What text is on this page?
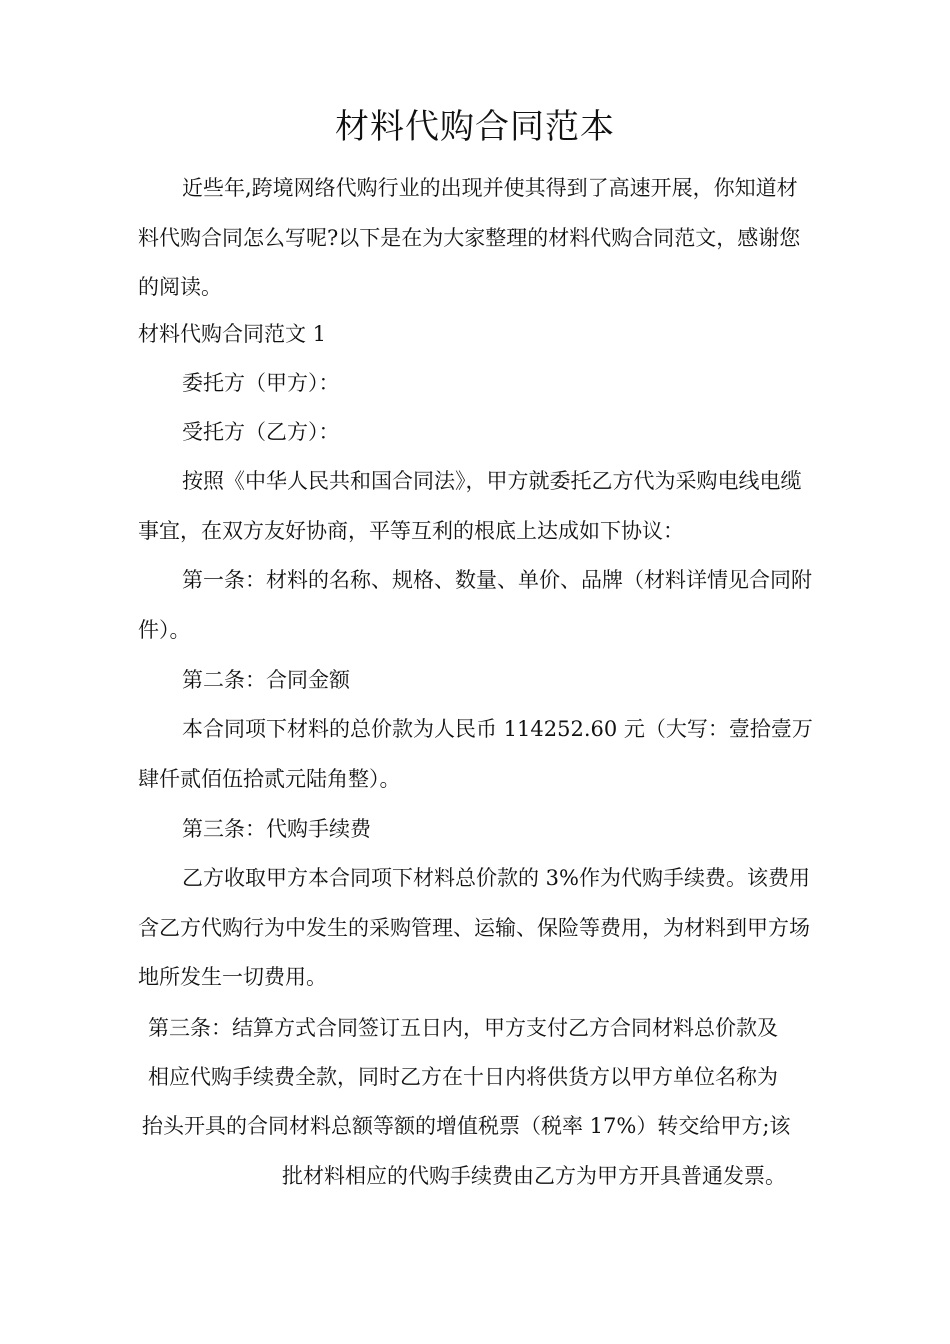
材料代购合同范本

近些年,跨境网络代购行业的出现并使其得到了高速开展，你知道材料代购合同怎么写呢?以下是在为大家整理的材料代购合同范文，感谢您的阅读。

材料代购合同范文 1

委托方（甲方）：

受托方（乙方）：

按照《中华人民共和国合同法》，甲方就委托乙方代为采购电线电缆事宜，在双方友好协商，平等互利的根底上达成如下协议：

第一条：材料的名称、规格、数量、单价、品牌（材料详情见合同附件）。

第二条：合同金额

本合同项下材料的总价款为人民币 114252.60 元（大写：壹拾壹万肆仟贰佰伍拾贰元陆角整）。

第三条：代购手续费

乙方收取甲方本合同项下材料总价款的 3%作为代购手续费。该费用含乙方代购行为中发生的采购管理、运输、保险等费用，为材料到甲方场地所发生一切费用。

第三条：结算方式合同签订五日内，甲方支付乙方合同材料总价款及
相应代购手续费全款，同时乙方在十日内将供货方以甲方单位名称为
抬头开具的合同材料总额等额的增值税票（税率 17%）转交给甲方;该
批材料相应的代购手续费由乙方为甲方开具普通发票。
